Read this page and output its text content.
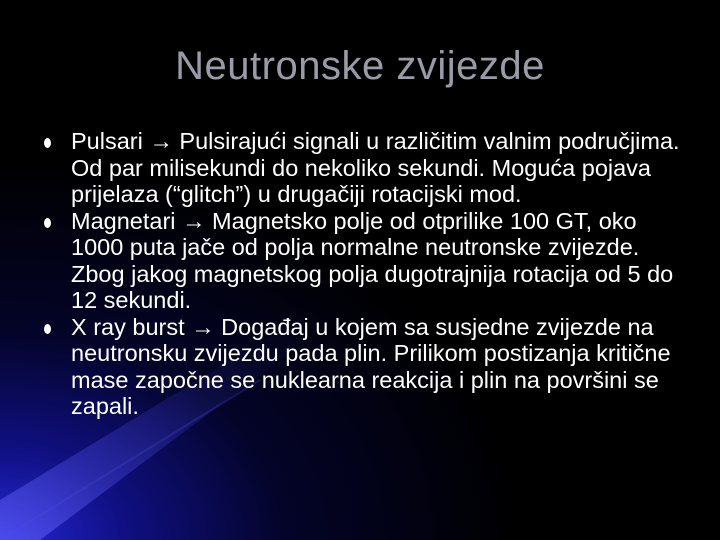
Neutronske zvijezde
Pulsari → Pulsirajući signali u različitim valnim područjima. Od par milisekundi do nekoliko sekundi. Moguća pojava prijelaza (“glitch”) u drugačiji rotacijski mod.
Magnetari → Magnetsko polje od otprilike 100 GT, oko 1000 puta jače od polja normalne neutronske zvijezde. Zbog jakog magnetskog polja dugotrajnija rotacija od 5 do 12 sekundi.
X ray burst → Događaj u kojem sa susjedne zvijezde na neutronsku zvijezdu pada plin. Prilikom postizanja kritične mase započne se nuklearna reakcija i plin na površini se zapali.
